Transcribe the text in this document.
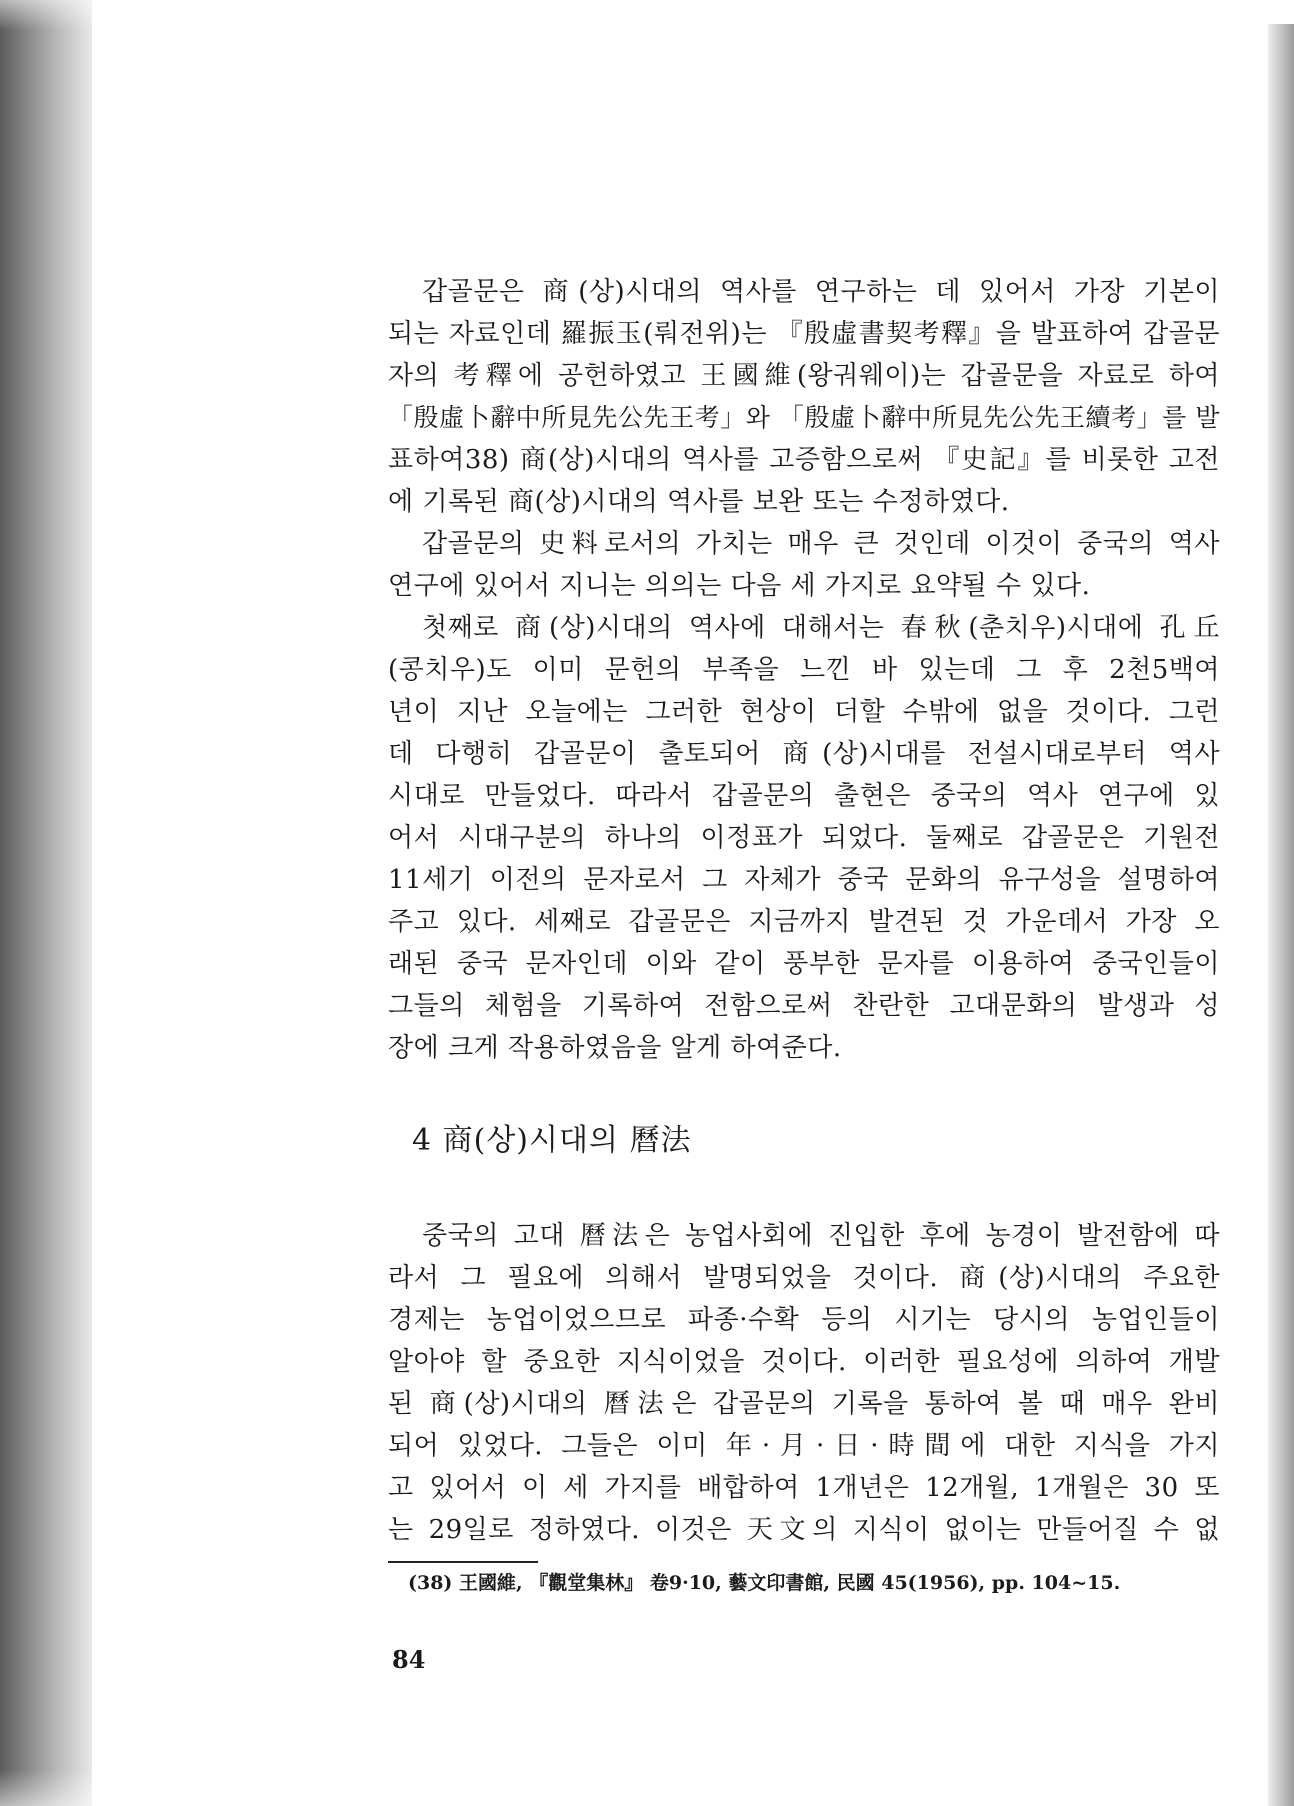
갑골문은 商(상)시대의 역사를 연구하는 데 있어서 가장 기본이

되는 자료인데 羅振玉(뤄전위)는 『殷虛書契考釋』을 발표하여 갑골문

자의 考釋에 공헌하였고 王國維(왕궈웨이)는 갑골문을 자료로 하여

「殷虛卜辭中所見先公先王考」와 「殷虛卜辭中所見先公先王續考」를 발

표하여38) 商(상)시대의 역사를 고증함으로써 『史記』를 비롯한 고전

에 기록된 商(상)시대의 역사를 보완 또는 수정하였다.

갑골문의 史料로서의 가치는 매우 큰 것인데 이것이 중국의 역사

연구에 있어서 지니는 의의는 다음 세 가지로 요약될 수 있다.

첫째로 商(상)시대의 역사에 대해서는 春秋(춘치우)시대에 孔丘

(콩치우)도 이미 문헌의 부족을 느낀 바 있는데 그 후 2천5백여

년이 지난 오늘에는 그러한 현상이 더할 수밖에 없을 것이다. 그런

데 다행히 갑골문이 출토되어 商(상)시대를 전설시대로부터 역사

시대로 만들었다. 따라서 갑골문의 출현은 중국의 역사 연구에 있

어서 시대구분의 하나의 이정표가 되었다. 둘째로 갑골문은 기원전

11세기 이전의 문자로서 그 자체가 중국 문화의 유구성을 설명하여

주고 있다. 세째로 갑골문은 지금까지 발견된 것 가운데서 가장 오

래된 중국 문자인데 이와 같이 풍부한 문자를 이용하여 중국인들이

그들의 체험을 기록하여 전함으로써 찬란한 고대문화의 발생과 성

장에 크게 작용하였음을 알게 하여준다.

4 商(상)시대의 曆法

중국의 고대 曆法은 농업사회에 진입한 후에 농경이 발전함에 따

라서 그 필요에 의해서 발명되었을 것이다. 商(상)시대의 주요한

경제는 농업이었으므로 파종·수확 등의 시기는 당시의 농업인들이

알아야 할 중요한 지식이었을 것이다. 이러한 필요성에 의하여 개발

된 商(상)시대의 曆法은 갑골문의 기록을 통하여 볼 때 매우 완비

되어 있었다. 그들은 이미 年·月·日·時間에 대한 지식을 가지

고 있어서 이 세 가지를 배합하여 1개년은 12개월, 1개월은 30 또

는 29일로 정하였다. 이것은 天文의 지식이 없이는 만들어질 수 없

(38) 王國維, 『觀堂集林』 卷9·10, 藝文印書館, 民國 45(1956), pp. 104~15.
84
